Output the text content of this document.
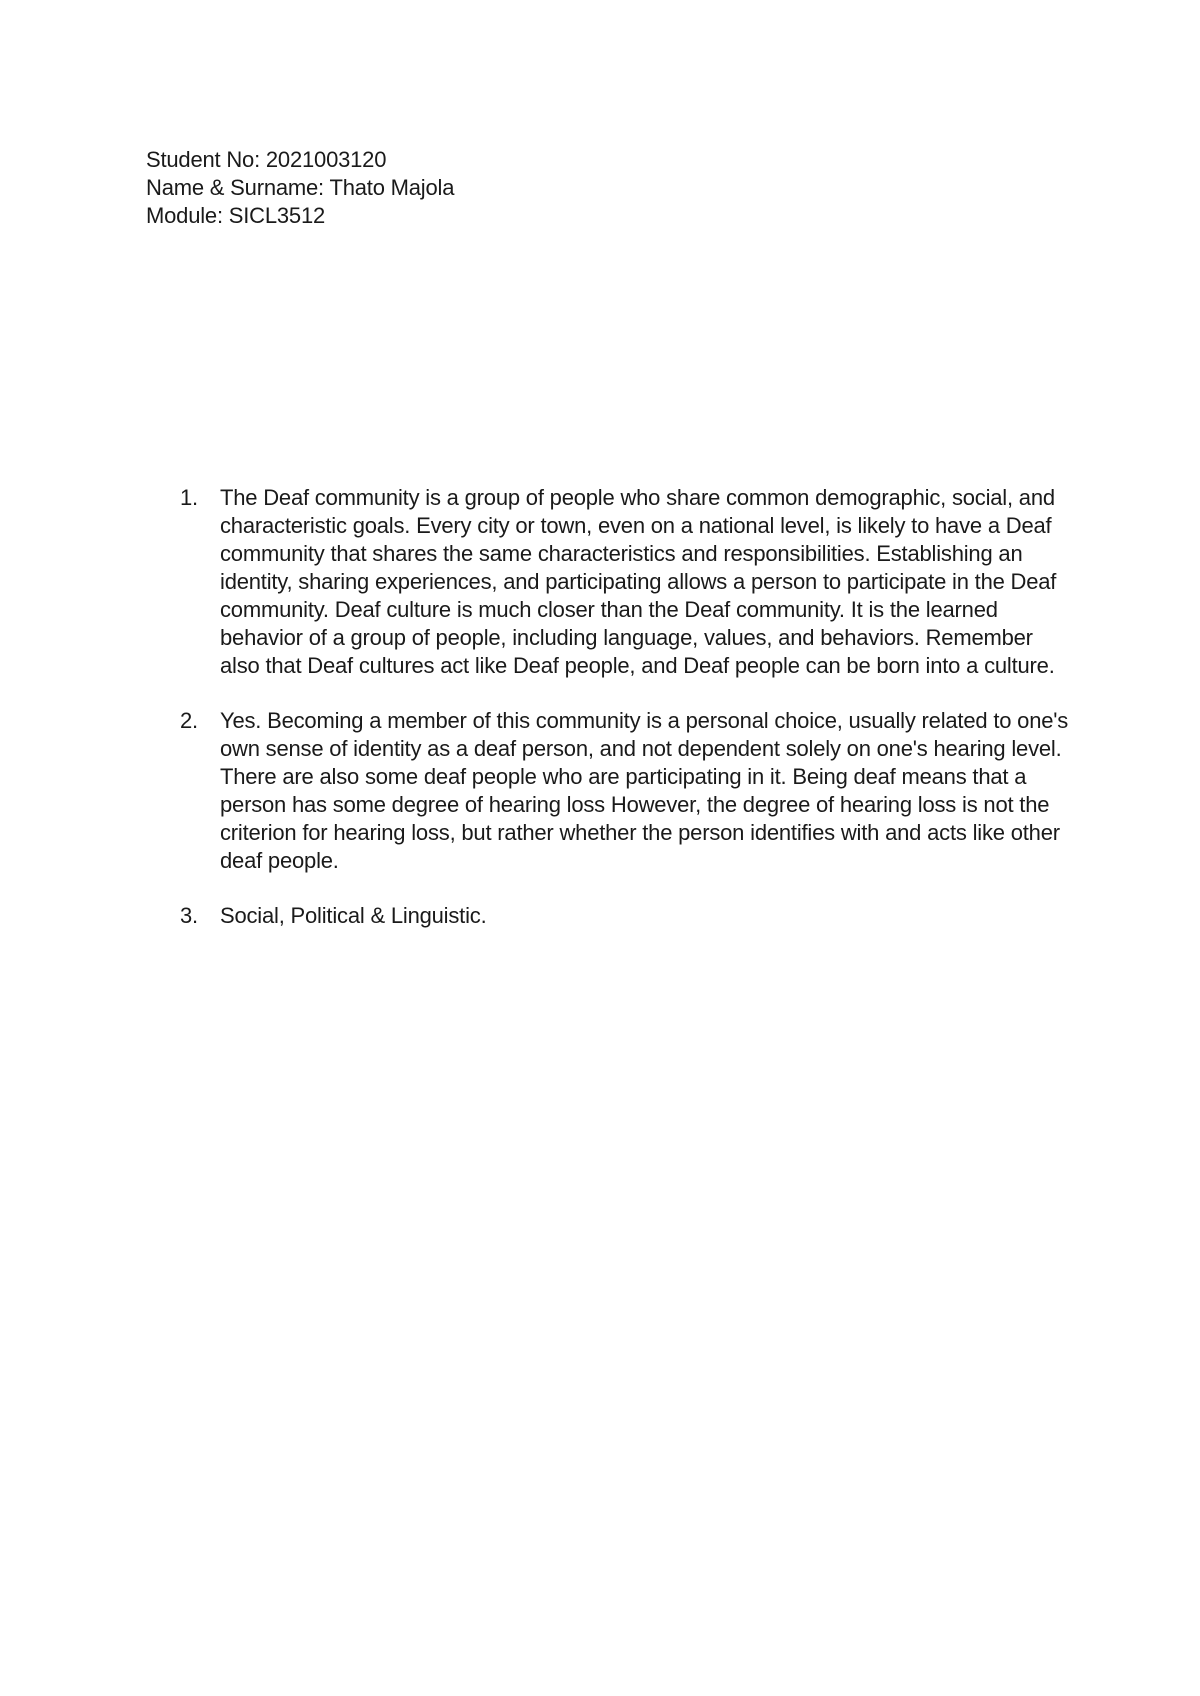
Student No: 2021003120
Name & Surname: Thato Majola
Module: SICL3512
1. The Deaf community is a group of people who share common demographic, social, and characteristic goals. Every city or town, even on a national level, is likely to have a Deaf community that shares the same characteristics and responsibilities. Establishing an identity, sharing experiences, and participating allows a person to participate in the Deaf community. Deaf culture is much closer than the Deaf community. It is the learned behavior of a group of people, including language, values, and behaviors. Remember also that Deaf cultures act like Deaf people, and Deaf people can be born into a culture.
2. Yes. Becoming a member of this community is a personal choice, usually related to one's own sense of identity as a deaf person, and not dependent solely on one's hearing level. There are also some deaf people who are participating in it. Being deaf means that a person has some degree of hearing loss However, the degree of hearing loss is not the criterion for hearing loss, but rather whether the person identifies with and acts like other deaf people.
3. Social, Political & Linguistic.
